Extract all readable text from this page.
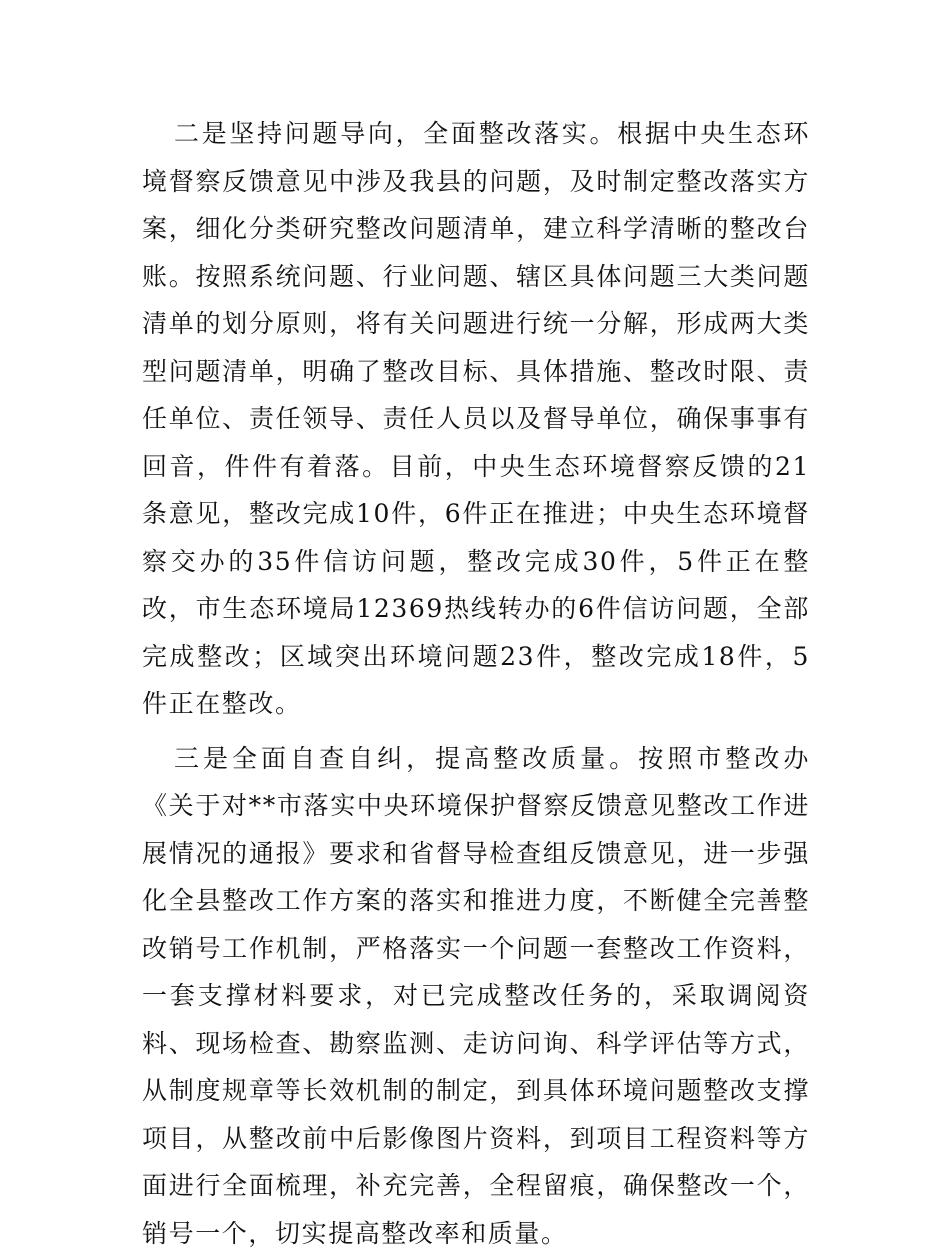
二是坚持问题导向，全面整改落实。根据中央生态环境督察反馈意见中涉及我县的问题，及时制定整改落实方案，细化分类研究整改问题清单，建立科学清晰的整改台账。按照系统问题、行业问题、辖区具体问题三大类问题清单的划分原则，将有关问题进行统一分解，形成两大类型问题清单，明确了整改目标、具体措施、整改时限、责任单位、责任领导、责任人员以及督导单位，确保事事有回音，件件有着落。目前，中央生态环境督察反馈的21条意见，整改完成10件，6件正在推进；中央生态环境督察交办的35件信访问题，整改完成30件，5件正在整改，市生态环境局12369热线转办的6件信访问题，全部完成整改；区域突出环境问题23件，整改完成18件，5件正在整改。

三是全面自查自纠，提高整改质量。按照市整改办《关于对**市落实中央环境保护督察反馈意见整改工作进展情况的通报》要求和省督导检查组反馈意见，进一步强化全县整改工作方案的落实和推进力度，不断健全完善整改销号工作机制，严格落实一个问题一套整改工作资料，一套支撑材料要求，对已完成整改任务的，采取调阅资料、现场检查、勘察监测、走访问询、科学评估等方式，从制度规章等长效机制的制定，到具体环境问题整改支撑项目，从整改前中后影像图片资料，到项目工程资料等方面进行全面梳理，补充完善，全程留痕，确保整改一个，销号一个，切实提高整改率和质量。
